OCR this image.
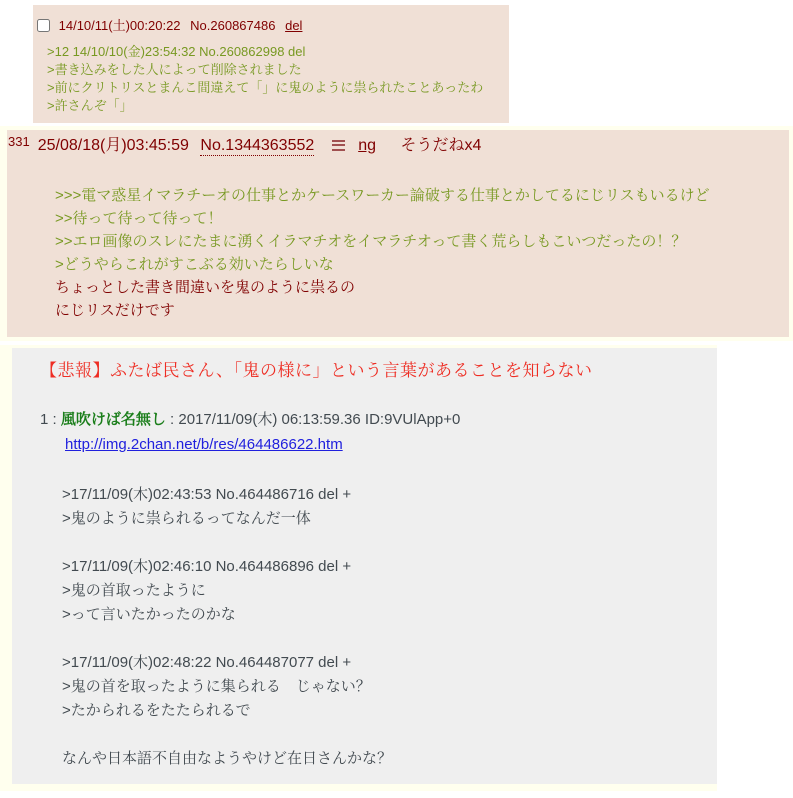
14/10/11(土)00:20:22 No.260867486 del
>12 14/10/10(金)23:54:32 No.260862998 del
>書き込みをした人によって削除されました
>前にクリトリスとまんこ間違えて「」に鬼のように祟られたことあったわ
>許さんぞ「」
$^{331}$ 25/08/18(月)03:45:59 No.1344363552	ng そうだねx4
>>>電マ惑星イマラチーオの仕事とかケースワーカー論破する仕事とかしてるにじリスもいるけど
>>待って待って待って！
>>エロ画像のスレにたまに湧くイラマチオをイマラチオって書く荒らしもこいつだったの！？
>どうやらこれがすこぶる効いたらしいな
ちょっとした書き間違いを鬼のように祟るの
にじリスだけです
【悲報】ふたば民さん、「鬼の様に」という言葉があることを知らない
1 : 風吹けば名無し : 2017/11/09(木) 06:13:59.36 ID:9VUlApp+0
http://img.2chan.net/b/res/464486622.htm
>17/11/09(木)02:43:53 No.464486716 del +
>鬼のように祟られるってなんだ一体
>17/11/09(木)02:46:10 No.464486896 del +
>鬼の首取ったように
>って言いたかったのかな
>17/11/09(木)02:48:22 No.464487077 del +
>鬼の首を取ったように集られる　じゃない？
>たかられるをたたられるで
なんや日本語不自由なようやけど在日さんかな？
